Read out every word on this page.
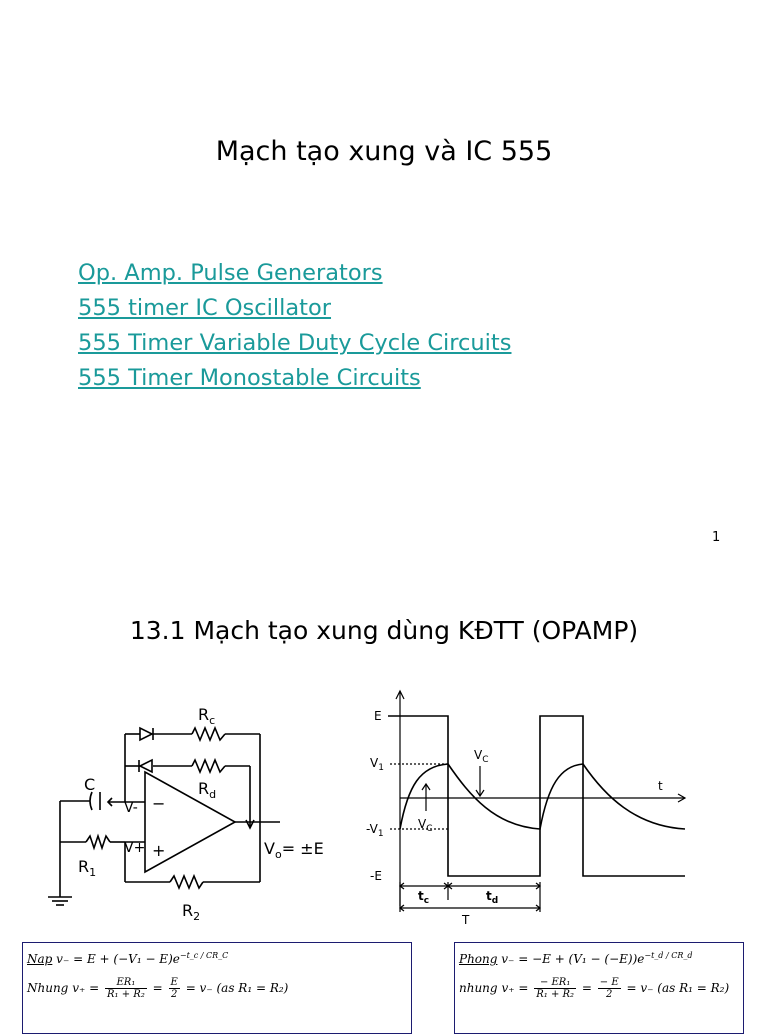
Mạch tạo xung và IC 555
Op. Amp. Pulse Generators
555 timer IC Oscillator
555 Timer Variable Duty Cycle Circuits
555 Timer Monostable Circuits
1
13.1 Mạch tạo xung dùng KĐTT (OPAMP)
$R_c$
$R_d$
C
V-
V+
−
+	$V_o= \pm E$
$R_1$
$R_2$
E
$V_1$
$-V_1$
-E
t
$V_C$
$V_C$
$t_c$	$t_d$
T
Nap $v_- = E + (-V_1 - E)e^{-t\_c / CR\_C}$
Nhung $v_+ = \frac{\text{ER₁}}{\text{R₁ + R₂}} = \frac{E}{2} = v_-$ (as R₁ = R₂)
Phong $v_- = -E + (V_1 - (-E))e^{-t\_d / CR\_d}$
nhung $v_+ = \frac{\text{− ER₁}}{\text{R₁ + R₂}} = \frac{- E}{2} = v_-$ (as R₁ = R₂)
